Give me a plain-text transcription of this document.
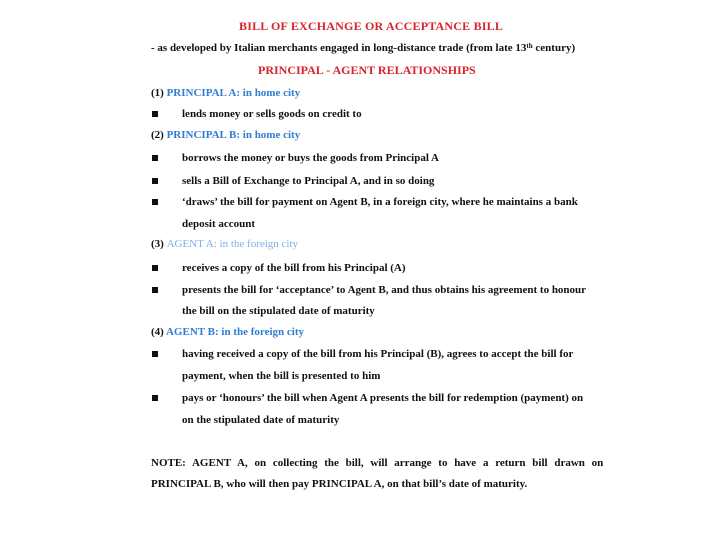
BILL OF EXCHANGE OR ACCEPTANCE BILL
- as developed by Italian merchants engaged in long-distance trade (from late 13th century)
PRINCIPAL - AGENT RELATIONSHIPS
(1) PRINCIPAL A: in home city
lends money or sells goods on credit to
(2) PRINCIPAL B: in home city
borrows the money or buys the goods from Principal A
sells a Bill of Exchange to Principal A, and in so doing
‘draws’ the bill for payment on Agent B, in a foreign city, where he maintains a bank
deposit account
(3) AGENT A: in the foreign city
receives a copy of the bill from his Principal (A)
presents the bill for ‘acceptance’ to Agent B, and thus obtains his agreement to honour
the bill on the stipulated date of maturity
(4) AGENT B: in the foreign city
having received a copy of the bill from his Principal (B), agrees to accept the bill for
payment, when the bill is presented to him
pays or ‘honours’ the bill when Agent A presents the bill for redemption (payment) on
on the stipulated date of maturity
NOTE: AGENT A, on collecting the bill, will arrange to have a return bill drawn on
PRINCIPAL B, who will then pay PRINCIPAL A, on that bill’s date of maturity.
